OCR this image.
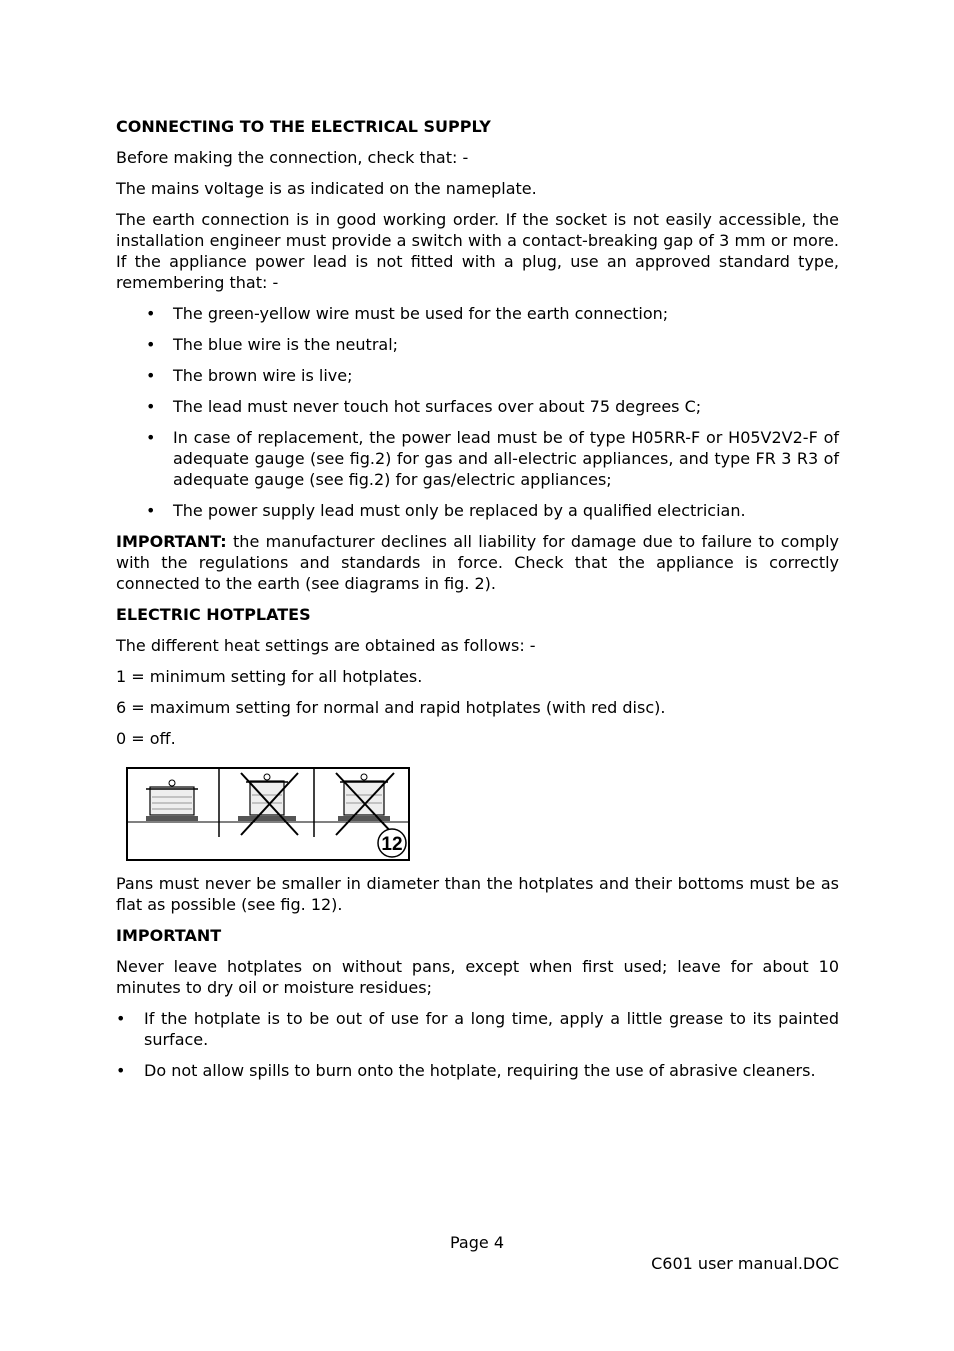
CONNECTING TO THE ELECTRICAL SUPPLY

Before making the connection, check that: -

The mains voltage is as indicated on the nameplate.

The earth connection is in good working order. If the socket is not easily accessible, the installation engineer must provide a switch with a contact-breaking gap of 3 mm or more. If the appliance power lead is not fitted with a plug, use an approved standard type, remembering that: -

• The green-yellow wire must be used for the earth connection;
• The blue wire is the neutral;
• The brown wire is live;
• The lead must never touch hot surfaces over about 75 degrees C;
• In case of replacement, the power lead must be of type H05RR-F or H05V2V2-F of adequate gauge (see fig.2) for gas and all-electric appliances, and type FR 3 R3 of adequate gauge (see fig.2) for gas/electric appliances;
• The power supply lead must only be replaced by a qualified electrician.

IMPORTANT: the manufacturer declines all liability for damage due to failure to comply with the regulations and standards in force. Check that the appliance is correctly connected to the earth (see diagrams in fig. 2).

ELECTRIC HOTPLATES

The different heat settings are obtained as follows: -

1 = minimum setting for all hotplates.

6 = maximum setting for normal and rapid hotplates (with red disc).

0 = off.

12

Pans must never be smaller in diameter than the hotplates and their bottoms must be as flat as possible (see fig. 12).

IMPORTANT

Never leave hotplates on without pans, except when first used; leave for about 10 minutes to dry oil or moisture residues;

• If the hotplate is to be out of use for a long time, apply a little grease to its painted surface.
• Do not allow spills to burn onto the hotplate, requiring the use of abrasive cleaners.
Page 4
C601 user manual.DOC
